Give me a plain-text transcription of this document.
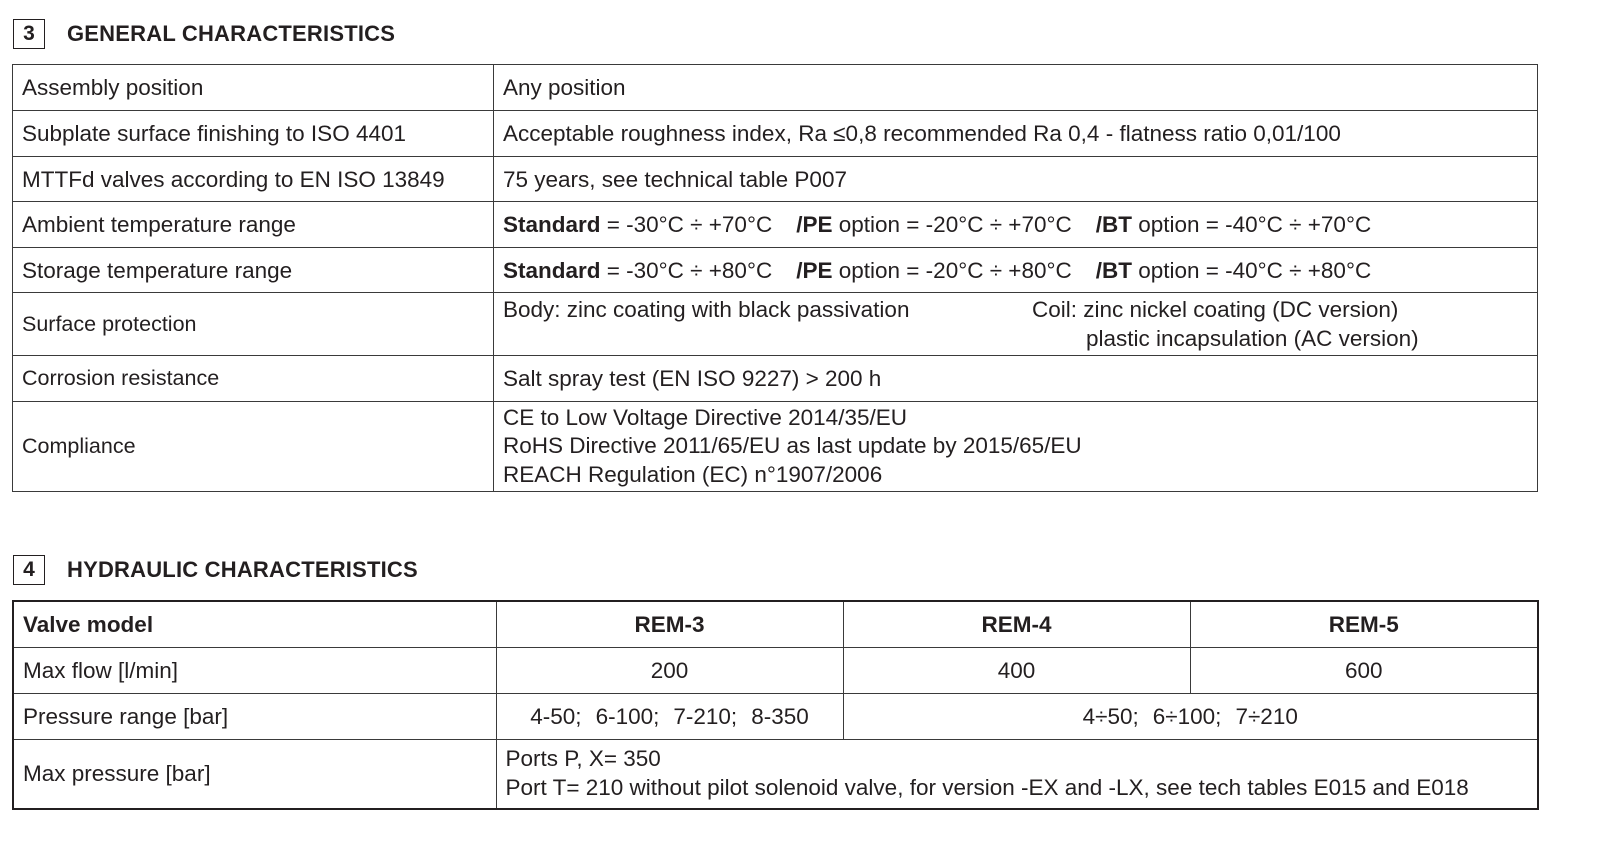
3	GENERAL CHARACTERISTICS
Assembly position	Any position
Subplate surface finishing to ISO 4401	Acceptable roughness index, Ra ≤0,8 recommended Ra 0,4 - flatness ratio 0,01/100
MTTFd valves according to EN ISO 13849	75 years, see technical table P007
Ambient temperature range	Standard = -30°C ÷ +70°C /PE option = -20°C ÷ +70°C /BT option = -40°C ÷ +70°C
Storage temperature range	Standard = -30°C ÷ +80°C /PE option = -20°C ÷ +80°C /BT option = -40°C ÷ +80°C
Surface protection	Body: zinc coating with black passivation Coil: zinc nickel coating (DC version)
plastic incapsulation (AC version)

Corrosion resistance	Salt spray test (EN ISO 9227) > 200 h
Compliance	CE to Low Voltage Directive 2014/35/EU
RoHS Directive 2011/65/EU as last update by 2015/65/EU
REACH Regulation (EC) n°1907/2006
4	HYDRAULIC CHARACTERISTICS
Valve model	REM-3	REM-4	REM-5
Max flow [l/min]	200	400	600
Pressure range [bar]	4-50; 6-100; 7-210; 8-350	4÷50; 6÷100; 7÷210	
Max pressure [bar]	Ports P, X= 350
Port T= 210 without pilot solenoid valve, for version -EX and -LX, see tech tables E015 and E018		
